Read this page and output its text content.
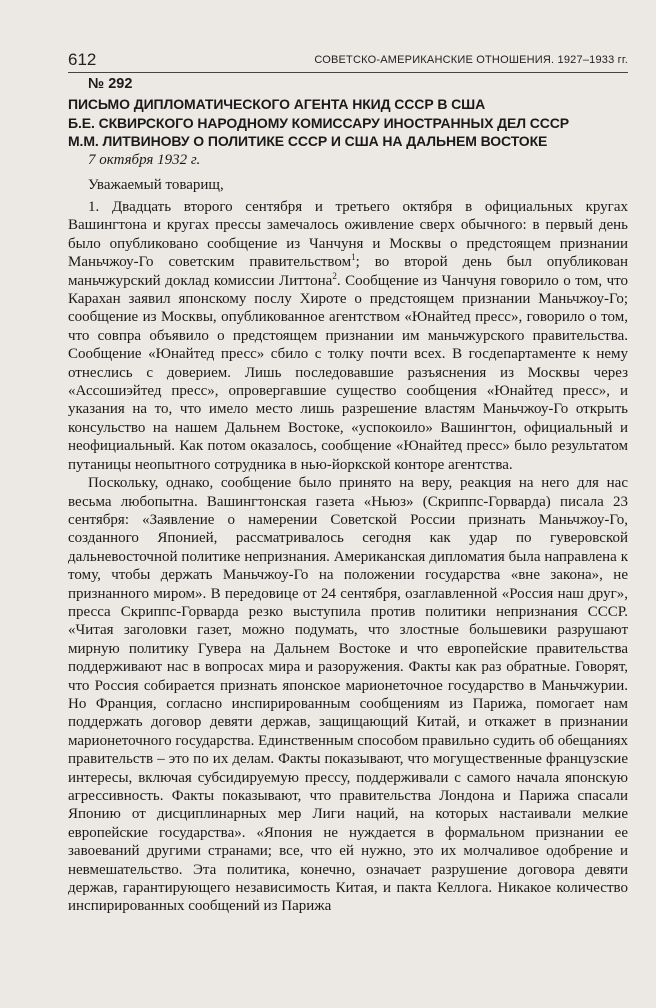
612	СОВЕТСКО-АМЕРИКАНСКИЕ ОТНОШЕНИЯ. 1927–1933 гг.
№ 292
ПИСЬМО ДИПЛОМАТИЧЕСКОГО АГЕНТА НКИД СССР В США
Б.Е. СКВИРСКОГО НАРОДНОМУ КОМИССАРУ ИНОСТРАННЫХ ДЕЛ СССР
М.М. ЛИТВИНОВУ О ПОЛИТИКЕ СССР И США НА ДАЛЬНЕМ ВОСТОКЕ
7 октября 1932 г.
Уважаемый товарищ,

1. Двадцать второго сентября и третьего октября в официальных кругах Вашингтона и кругах прессы замечалось оживление сверх обычного: в первый день было опубликовано сообщение из Чанчуня и Москвы о предстоящем признании Маньчжоу-Го советским правительством$^1$; во второй день был опубликован маньчжурский доклад комиссии Литтона$^2$. Сообщение из Чанчуня говорило о том, что Карахан заявил японскому послу Хироте о предстоящем признании Маньчжоу-Го; сообщение из Москвы, опубликованное агентством «Юнайтед пресс», говорило о том, что совпра объявило о предстоящем признании им маньчжурского правительства. Сообщение «Юнайтед пресс» сбило с толку почти всех. В госдепартаменте к нему отнеслись с доверием. Лишь последовавшие разъяснения из Москвы через «Ассошиэйтед пресс», опровергавшие существо сообщения «Юнайтед пресс», и указания на то, что имело место лишь разрешение властям Маньчжоу-Го открыть консульство на нашем Дальнем Востоке, «успокоило» Вашингтон, официальный и неофициальный. Как потом оказалось, сообщение «Юнайтед пресс» было результатом путаницы неопытного сотрудника в нью-йоркской конторе агентства.

Поскольку, однако, сообщение было принято на веру, реакция на него для нас весьма любопытна. Вашингтонская газета «Ньюз» (Скриппс-Горварда) писала 23 сентября: «Заявление о намерении Советской России признать Маньчжоу-Го, созданного Японией, рассматривалось сегодня как удар по гуверовской дальневосточной политике непризнания. Американская дипломатия была направлена к тому, чтобы держать Маньчжоу-Го на положении государства «вне закона», не признанного миром». В передовице от 24 сентября, озаглавленной «Россия наш друг», пресса Скриппс-Горварда резко выступила против политики непризнания СССР. «Читая заголовки газет, можно подумать, что злостные большевики разрушают мирную политику Гувера на Дальнем Востоке и что европейские правительства поддерживают нас в вопросах мира и разоружения. Факты как раз обратные. Говорят, что Россия собирается признать японское марионеточное государство в Маньчжурии. Но Франция, согласно инспирированным сообщениям из Парижа, помогает нам поддержать договор девяти держав, защищающий Китай, и откажет в признании марионеточного государства. Единственным способом правильно судить об обещаниях правительств – это по их делам. Факты показывают, что могущественные французские интересы, включая субсидируемую прессу, поддерживали с самого начала японскую агрессивность. Факты показывают, что правительства Лондона и Парижа спасали Японию от дисциплинарных мер Лиги наций, на которых настаивали мелкие европейские государства». «Япония не нуждается в формальном признании ее завоеваний другими странами; все, что ей нужно, это их молчаливое одобрение и невмешательство. Эта политика, конечно, означает разрушение договора девяти держав, гарантирующего независимость Китая, и пакта Келлога. Никакое количество инспирированных сообщений из Парижа
